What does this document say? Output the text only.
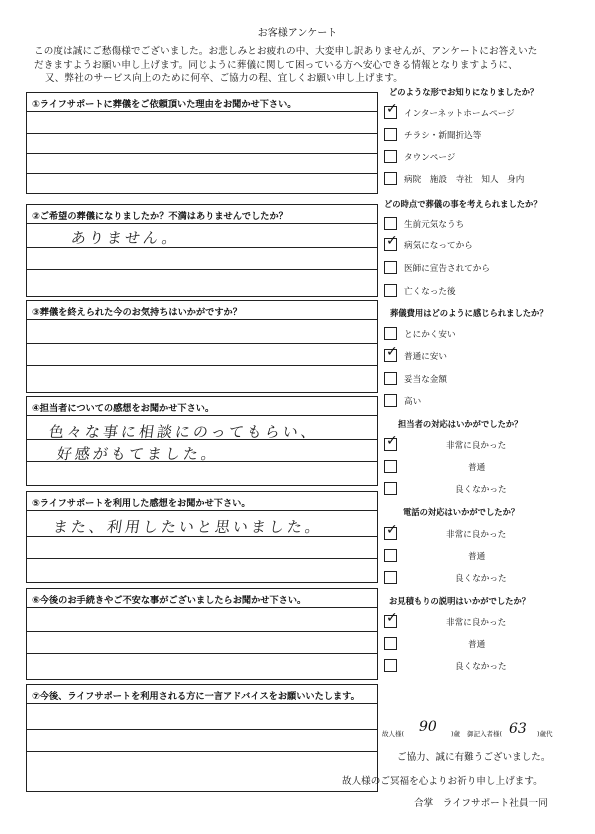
お客様アンケート
この度は誠にご愁傷様でございました。お悲しみとお疲れの中、大変申し訳ありませんが、アンケートにお答えいた
だきますようお願い申し上げます。同じように葬儀に関して困っている方へ安心できる情報となりますように、
又、弊社のサービス向上のために何卒、ご協力の程、宜しくお願い申し上げます。
①ライフサポートに葬儀をご依頼頂いた理由をお聞かせ下さい。
②ご希望の葬儀になりましたか？不満はありませんでしたか？
ありません。
③葬儀を終えられた今のお気持ちはいかがですか？
④担当者についての感想をお聞かせ下さい。
色々な事に相談にのってもらい、
好感がもてました。
⑤ライフサポートを利用した感想をお聞かせ下さい。
また、利用したいと思いました。
⑥今後のお手続きやご不安な事がございましたらお聞かせ下さい。
⑦今後、ライフサポートを利用される方に一言アドバイスをお願いいたします。
どのような形でお知りになりましたか？
✓ インターネットホームページ
チラシ・新聞折込等
タウンページ
病院　施設　寺社　知人　身内
どの時点で葬儀の事を考えられましたか？
生前元気なうち
✓ 病気になってから
医師に宣告されてから
亡くなった後
葬儀費用はどのように感じられましたか？
とにかく安い
✓ 普通に安い
妥当な金額
高い
担当者の対応はいかがでしたか？
✓	非常に良かった
普通
良くなかった
電話の対応はいかがでしたか？
✓	非常に良かった
普通
良くなかった
お見積もりの説明はいかがでしたか？
✓	非常に良かった
普通
良くなかった
故人様( 90 )歳 御記入者様( 63 )歳代
ご協力、誠に有難うございました。
故人様のご冥福を心よりお祈り申し上げます。
合掌　ライフサポート社員一同
